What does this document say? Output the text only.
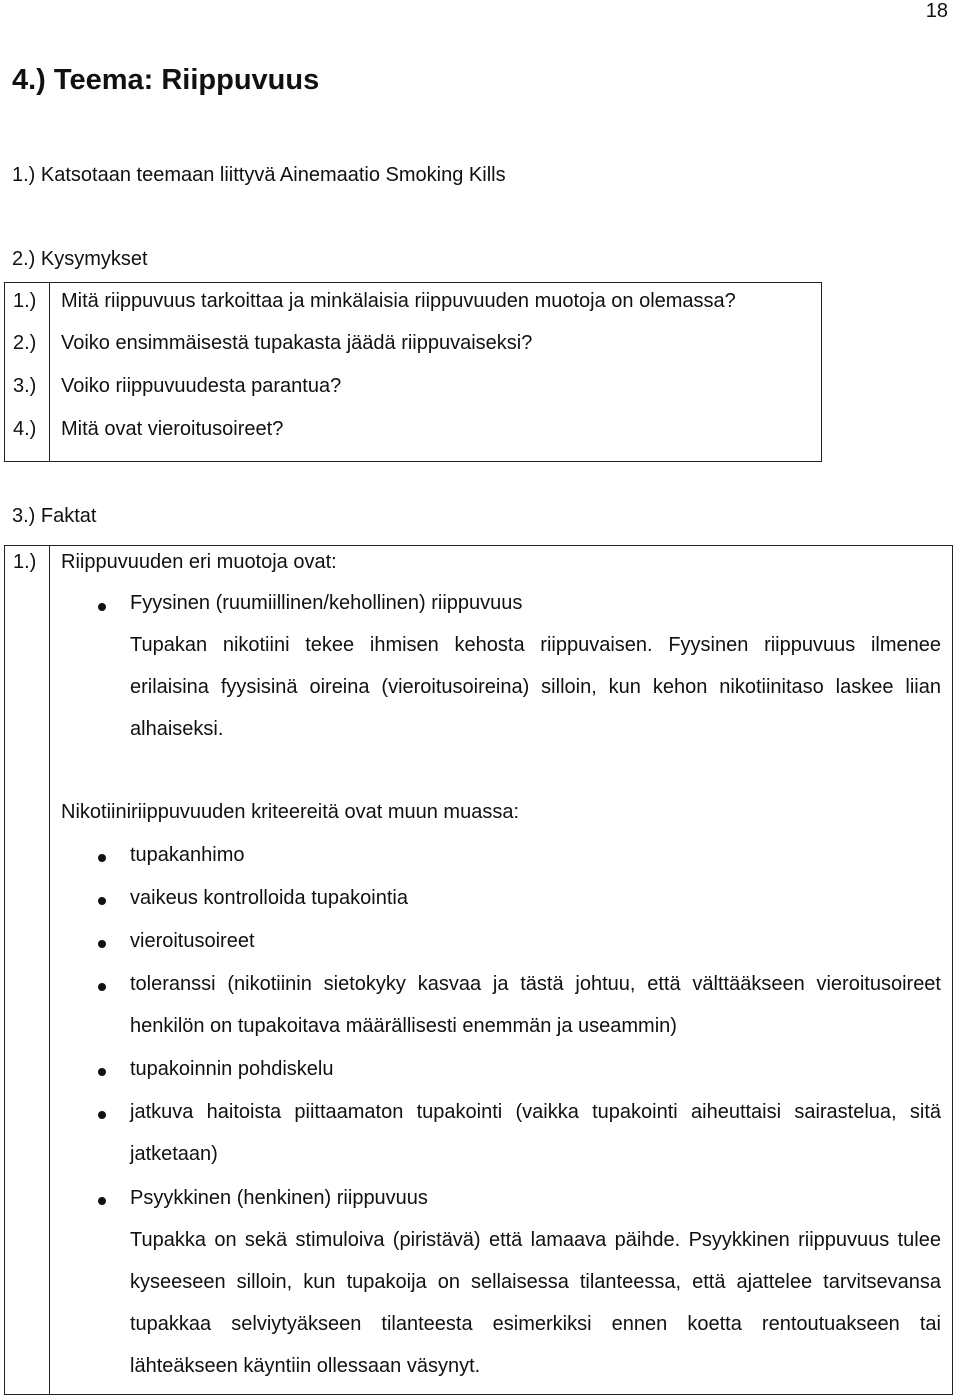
18
4.) Teema: Riippuvuus
1.) Katsotaan teemaan liittyvä Ainemaatio Smoking Kills
2.) Kysymykset
1.) Mitä riippuvuus tarkoittaa ja minkälaisia riippuvuuden muotoja on olemassa?
2.) Voiko ensimmäisestä tupakasta jäädä riippuvaiseksi?
3.) Voiko riippuvuudesta parantua?
4.) Mitä ovat vieroitusoireet?
3.) Faktat
1.) Riippuvuuden eri muotoja ovat:
Fyysinen (ruumiillinen/kehollinen) riippuvuus
Tupakan nikotiini tekee ihmisen kehosta riippuvaisen. Fyysinen riippuvuus ilmenee erilaisina fyysisinä oireina (vieroitusoireina) silloin, kun kehon nikotiinitaso laskee liian alhaiseksi.
Nikotiiniriippuvuuden kriteereitä ovat muun muassa:
tupakanhimo
vaikeus kontrolloida tupakointia
vieroitusoireet
toleranssi (nikotiinin sietokyky kasvaa ja tästä johtuu, että välttääkseen vieroitusoireet henkilön on tupakoitava määrällisesti enemmän ja useammin)
tupakoinnin pohdiskelu
jatkuva haitoista piittaamaton tupakointi (vaikka tupakointi aiheuttaisi sairastelua, sitä jatketaan)
Psyykkinen (henkinen) riippuvuus
Tupakka on sekä stimuloiva (piristävä) että lamaava päihde. Psyykkinen riippuvuus tulee kyseeseen silloin, kun tupakoija on sellaisessa tilanteessa, että ajattelee tarvitsevansa tupakkaa selviytyäkseen tilanteesta esimerkiksi ennen koetta rentoutuakseen tai lähteäkseen käyntiin ollessaan väsynyt.
